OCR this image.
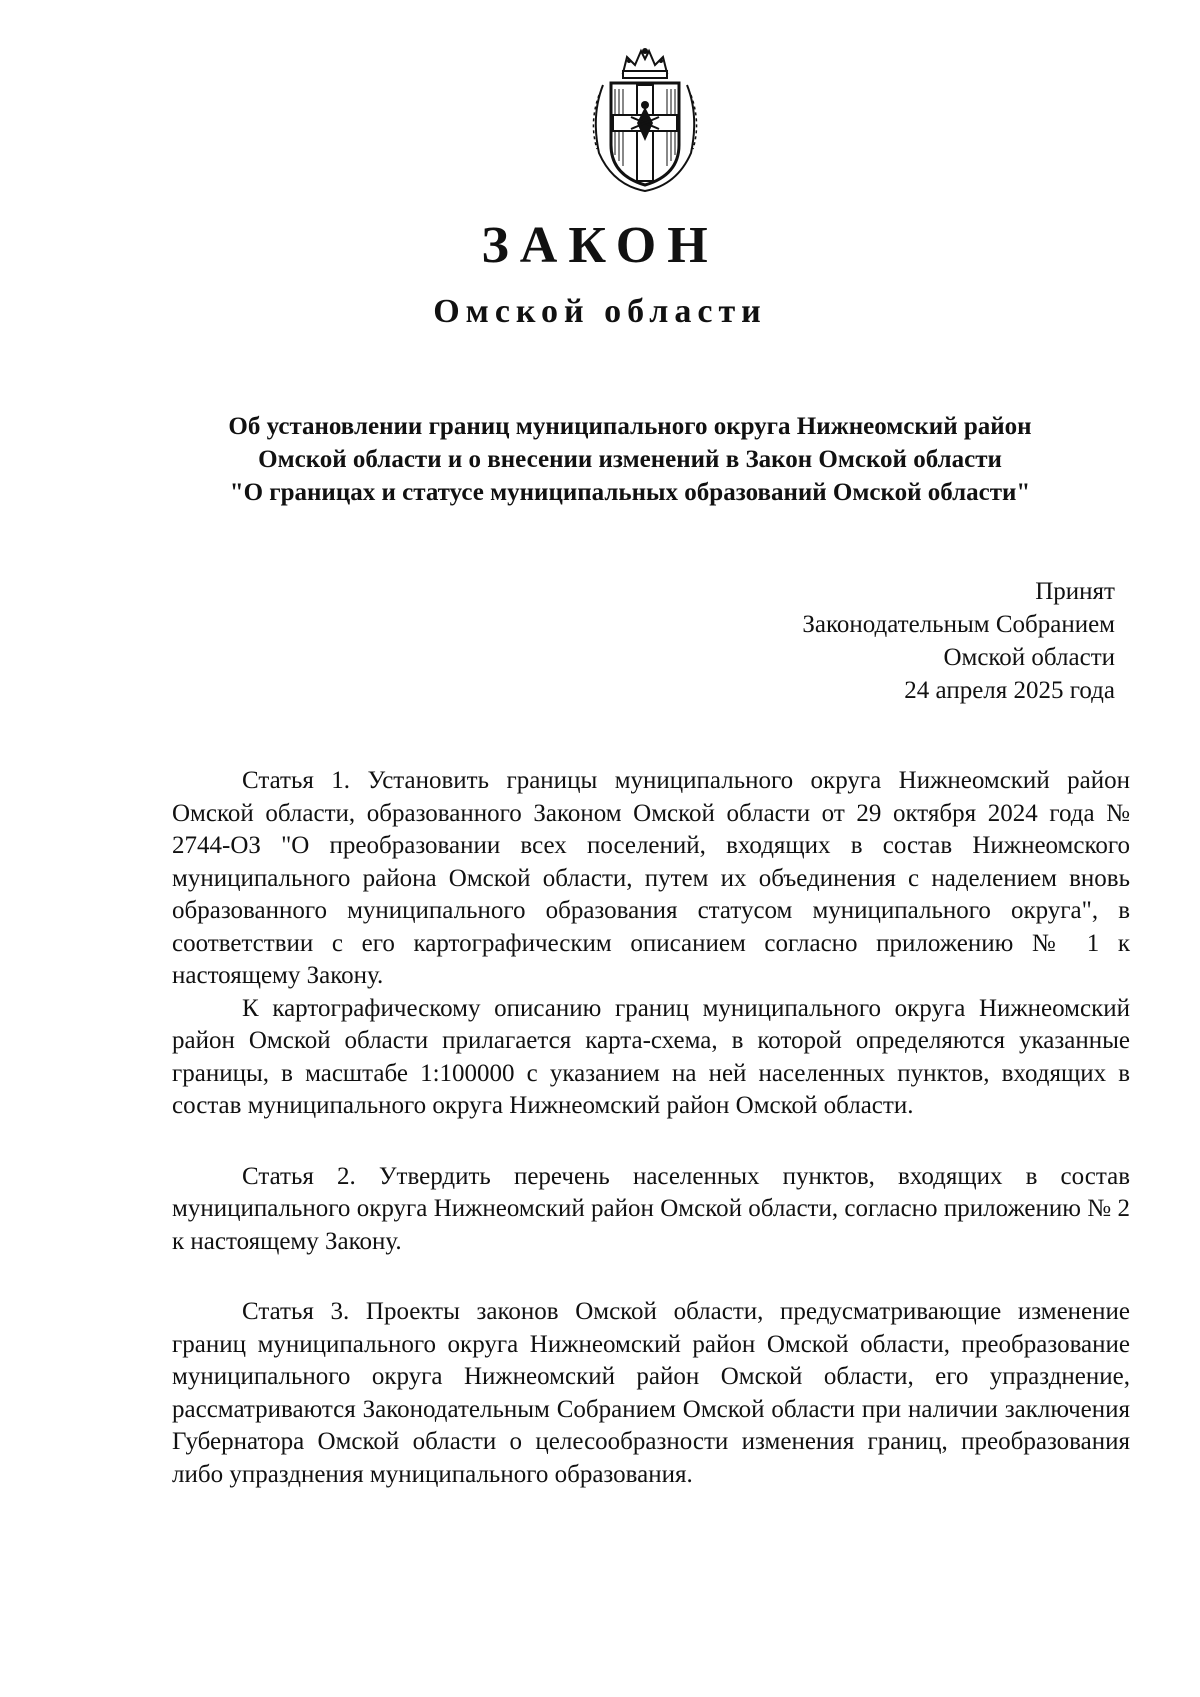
ЗАКОН
Омской области
Об установлении границ муниципального округа Нижнеомский район
Омской области и о внесении изменений в Закон Омской области
"О границах и статусе муниципальных образований Омской области"
Принят
Законодательным Собранием
Омской области
24 апреля 2025 года

Статья 1. Установить границы муниципального округа Нижнеомский район Омской области, образованного Законом Омской области от 29 октября 2024 года № 2744-ОЗ "О преобразовании всех поселений, входящих в состав Нижнеомского муниципального района Омской области, путем их объединения с наделением вновь образованного муниципального образования статусом муниципального округа", в соответствии с его картографическим описанием согласно приложению № 1 к настоящему Закону.

К картографическому описанию границ муниципального округа Нижнеомский район Омской области прилагается карта-схема, в которой определяются указанные границы, в масштабе 1:100000 с указанием на ней населенных пунктов, входящих в состав муниципального округа Нижнеомский район Омской области.

Статья 2. Утвердить перечень населенных пунктов, входящих в состав муниципального округа Нижнеомский район Омской области, согласно приложению № 2 к настоящему Закону.

Статья 3. Проекты законов Омской области, предусматривающие изменение границ муниципального округа Нижнеомский район Омской области, преобразование муниципального округа Нижнеомский район Омской области, его упразднение, рассматриваются Законодательным Собранием Омской области при наличии заключения Губернатора Омской области о целесообразности изменения границ, преобразования либо упразднения муниципального образования.
